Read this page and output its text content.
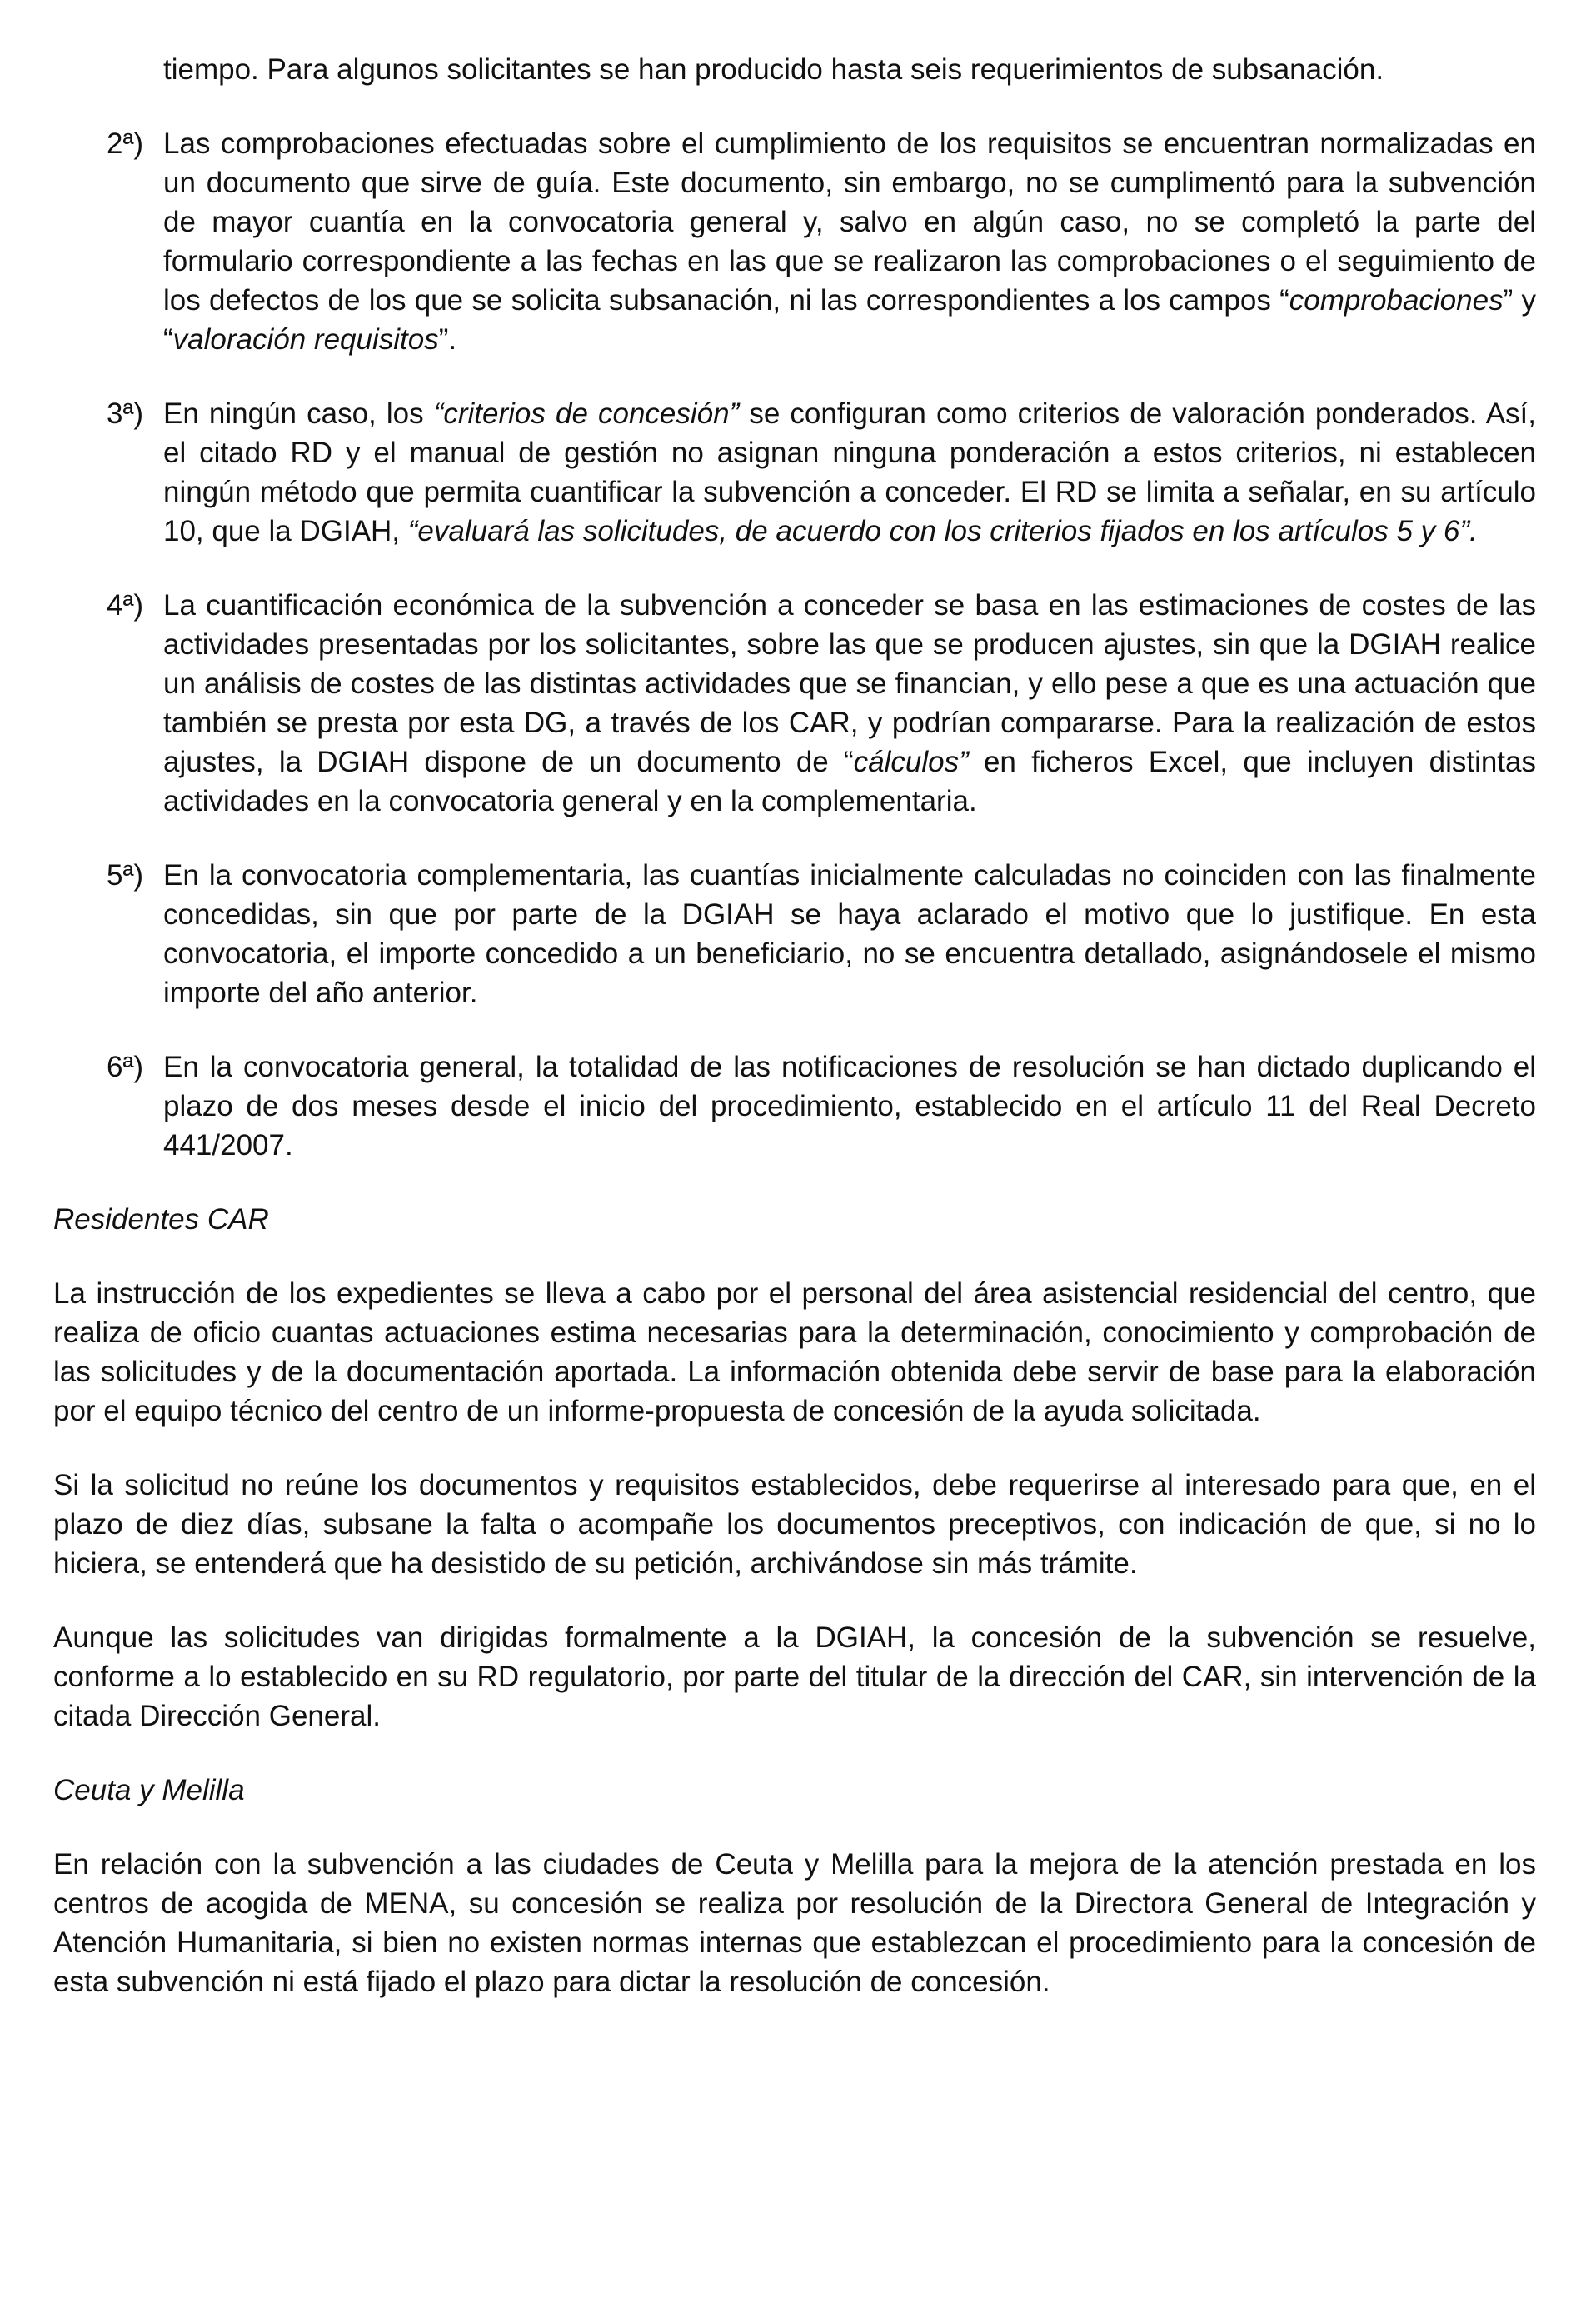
tiempo. Para algunos solicitantes se han producido hasta seis requerimientos de subsanación.

2ª) Las comprobaciones efectuadas sobre el cumplimiento de los requisitos se encuentran normalizadas en un documento que sirve de guía. Este documento, sin embargo, no se cumplimentó para la subvención de mayor cuantía en la convocatoria general y, salvo en algún caso, no se completó la parte del formulario correspondiente a las fechas en las que se realizaron las comprobaciones o el seguimiento de los defectos de los que se solicita subsanación, ni las correspondientes a los campos “comprobaciones” y “valoración requisitos”.

3ª) En ningún caso, los “criterios de concesión” se configuran como criterios de valoración ponderados. Así, el citado RD y el manual de gestión no asignan ninguna ponderación a estos criterios, ni establecen ningún método que permita cuantificar la subvención a conceder. El RD se limita a señalar, en su artículo 10, que la DGIAH, “evaluará las solicitudes, de acuerdo con los criterios fijados en los artículos 5 y 6”.

4ª) La cuantificación económica de la subvención a conceder se basa en las estimaciones de costes de las actividades presentadas por los solicitantes, sobre las que se producen ajustes, sin que la DGIAH realice un análisis de costes de las distintas actividades que se financian, y ello pese a que es una actuación que también se presta por esta DG, a través de los CAR, y podrían compararse. Para la realización de estos ajustes, la DGIAH dispone de un documento de “cálculos” en ficheros Excel, que incluyen distintas actividades en la convocatoria general y en la complementaria.

5ª) En la convocatoria complementaria, las cuantías inicialmente calculadas no coinciden con las finalmente concedidas, sin que por parte de la DGIAH se haya aclarado el motivo que lo justifique. En esta convocatoria, el importe concedido a un beneficiario, no se encuentra detallado, asignándosele el mismo importe del año anterior.

6ª) En la convocatoria general, la totalidad de las notificaciones de resolución se han dictado duplicando el plazo de dos meses desde el inicio del procedimiento, establecido en el artículo 11 del Real Decreto 441/2007.

Residentes CAR

La instrucción de los expedientes se lleva a cabo por el personal del área asistencial residencial del centro, que realiza de oficio cuantas actuaciones estima necesarias para la determinación, conocimiento y comprobación de las solicitudes y de la documentación aportada. La información obtenida debe servir de base para la elaboración por el equipo técnico del centro de un informe-propuesta de concesión de la ayuda solicitada.

Si la solicitud no reúne los documentos y requisitos establecidos, debe requerirse al interesado para que, en el plazo de diez días, subsane la falta o acompañe los documentos preceptivos, con indicación de que, si no lo hiciera, se entenderá que ha desistido de su petición, archivándose sin más trámite.

Aunque las solicitudes van dirigidas formalmente a la DGIAH, la concesión de la subvención se resuelve, conforme a lo establecido en su RD regulatorio, por parte del titular de la dirección del CAR, sin intervención de la citada Dirección General.

Ceuta y Melilla

En relación con la subvención a las ciudades de Ceuta y Melilla para la mejora de la atención prestada en los centros de acogida de MENA, su concesión se realiza por resolución de la Directora General de Integración y Atención Humanitaria, si bien no existen normas internas que establezcan el procedimiento para la concesión de esta subvención ni está fijado el plazo para dictar la resolución de concesión.
